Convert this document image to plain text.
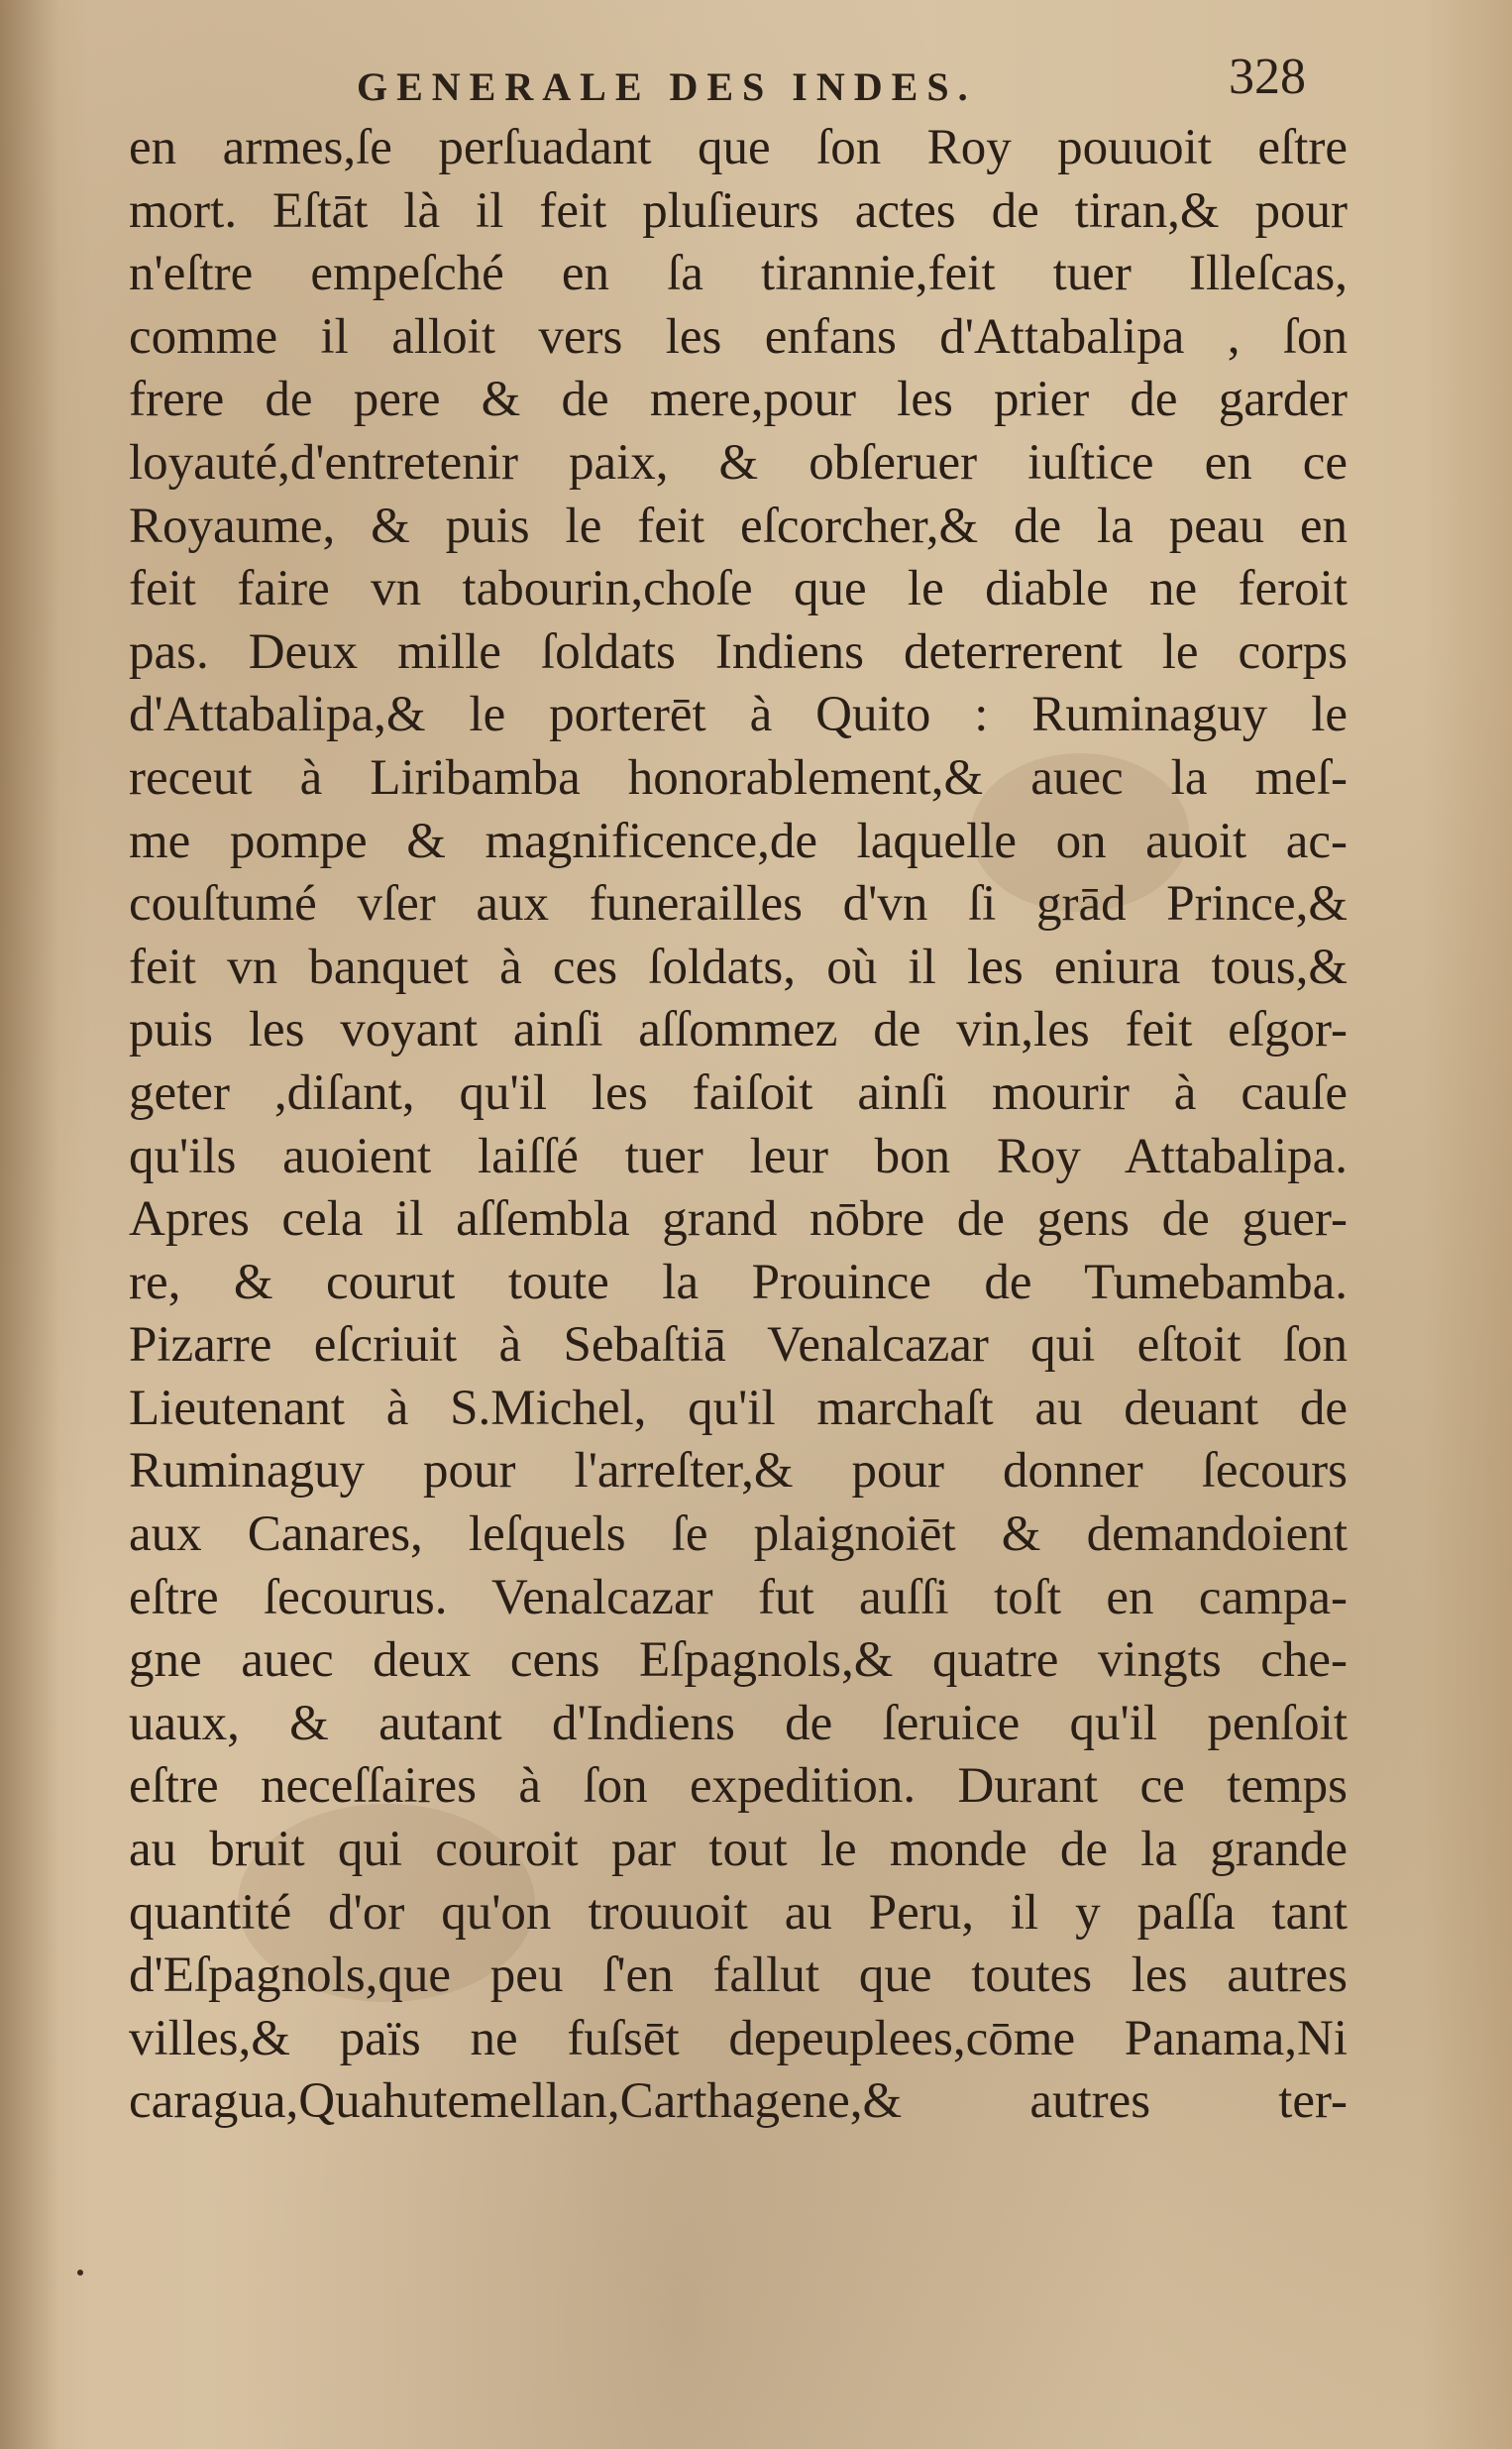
GENERALE DES INDES.	328
en armes,ſe perſuadant que ſon Roy pouuoit eſtre
mort. Eſtāt là il feit pluſieurs actes de tiran,& pour
n'eſtre empeſché en ſa tirannie,feit tuer Illeſcas,
comme il alloit vers les enfans d'Attabalipa , ſon
frere de pere & de mere,pour les prier de garder
loyauté,d'entretenir paix, & obſeruer iuſtice en ce
Royaume, & puis le feit eſcorcher,& de la peau en
feit faire vn tabourin,choſe que le diable ne feroit
pas. Deux mille ſoldats Indiens deterrerent le corps
d'Attabalipa,& le porterēt à Quito : Ruminaguy le
receut à Liribamba honorablement,& auec la meſ-
me pompe & magnificence,de laquelle on auoit ac-
couſtumé vſer aux funerailles d'vn ſi grād Prince,&
feit vn banquet à ces ſoldats, où il les eniura tous,&
puis les voyant ainſi aſſommez de vin,les feit eſgor-
geter ,diſant, qu'il les faiſoit ainſi mourir à cauſe
qu'ils auoient laiſſé tuer leur bon Roy Attabalipa.
Apres cela il aſſembla grand nōbre de gens de guer-
re, & courut toute la Prouince de Tumebamba.
Pizarre eſcriuit à Sebaſtiā Venalcazar qui eſtoit ſon
Lieutenant à S.Michel, qu'il marchaſt au deuant de
Ruminaguy pour l'arreſter,& pour donner ſecours
aux Canares, leſquels ſe plaignoiēt & demandoient
eſtre ſecourus. Venalcazar fut auſſi toſt en campa-
gne auec deux cens Eſpagnols,& quatre vingts che-
uaux, & autant d'Indiens de ſeruice qu'il penſoit
eſtre neceſſaires à ſon expedition. Durant ce temps
au bruit qui couroit par tout le monde de la grande
quantité d'or qu'on trouuoit au Peru, il y paſſa tant
d'Eſpagnols,que peu ſ'en fallut que toutes les autres
villes,& païs ne fuſsēt depeuplees,cōme Panama,Ni
caragua,Quahutemellan,Carthagene,& autres ter-
